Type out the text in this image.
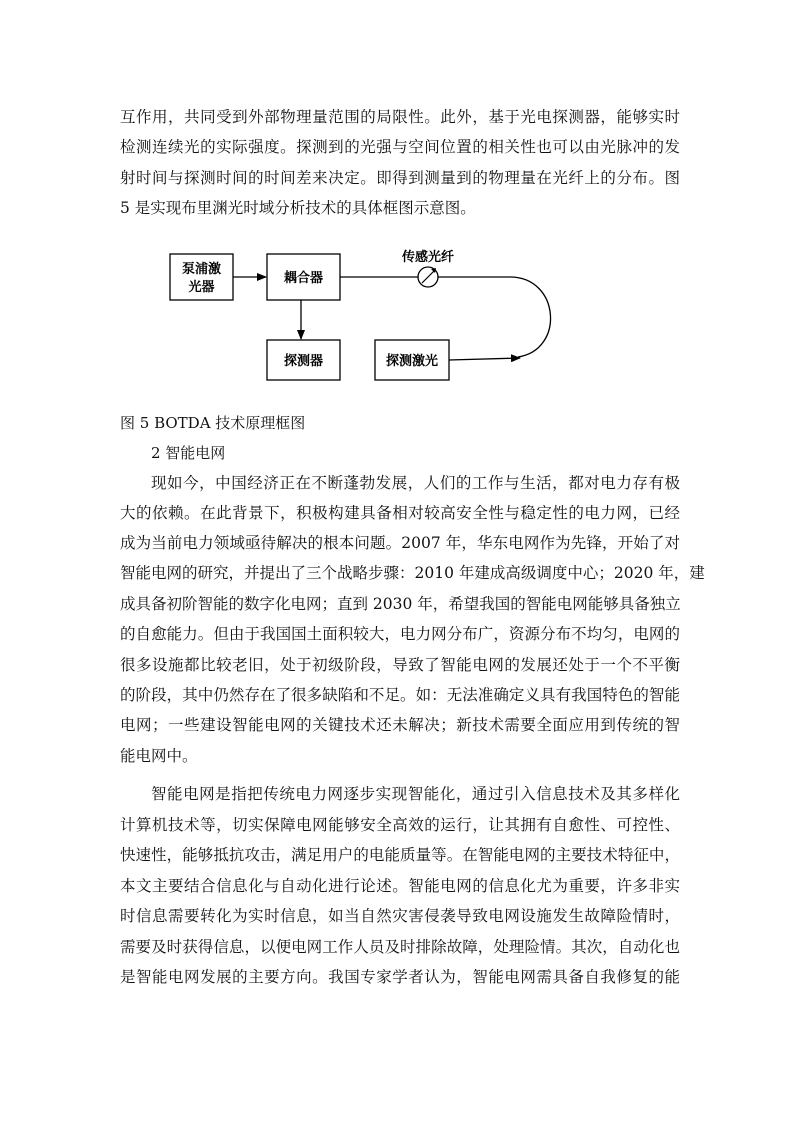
互作用，共同受到外部物理量范围的局限性。此外，基于光电探测器，能够实时
检测连续光的实际强度。探测到的光强与空间位置的相关性也可以由光脉冲的发
射时间与探测时间的时间差来决定。即得到测量到的物理量在光纤上的分布。图
5 是实现布里渊光时域分析技术的具体框图示意图。
泵浦激
光器
耦合器
传感光纤
探测器	探测激光
图 5 BOTDA 技术原理框图
2 智能电网
现如今，中国经济正在不断蓬勃发展，人们的工作与生活，都对电力存有极
大的依赖。在此背景下，积极构建具备相对较高安全性与稳定性的电力网，已经
成为当前电力领域亟待解决的根本问题。2007 年，华东电网作为先锋，开始了对
智能电网的研究，并提出了三个战略步骤：2010 年建成高级调度中心；2020 年，建
成具备初阶智能的数字化电网；直到 2030 年，希望我国的智能电网能够具备独立
的自愈能力。但由于我国国土面积较大，电力网分布广，资源分布不均匀，电网的
很多设施都比较老旧，处于初级阶段，导致了智能电网的发展还处于一个不平衡
的阶段，其中仍然存在了很多缺陷和不足。如：无法准确定义具有我国特色的智能
电网；一些建设智能电网的关键技术还未解决；新技术需要全面应用到传统的智
能电网中。
智能电网是指把传统电力网逐步实现智能化，通过引入信息技术及其多样化
计算机技术等，切实保障电网能够安全高效的运行，让其拥有自愈性、可控性、
快速性，能够抵抗攻击，满足用户的电能质量等。在智能电网的主要技术特征中，
本文主要结合信息化与自动化进行论述。智能电网的信息化尤为重要，许多非实
时信息需要转化为实时信息，如当自然灾害侵袭导致电网设施发生故障险情时，
需要及时获得信息，以便电网工作人员及时排除故障，处理险情。其次，自动化也
是智能电网发展的主要方向。我国专家学者认为，智能电网需具备自我修复的能
